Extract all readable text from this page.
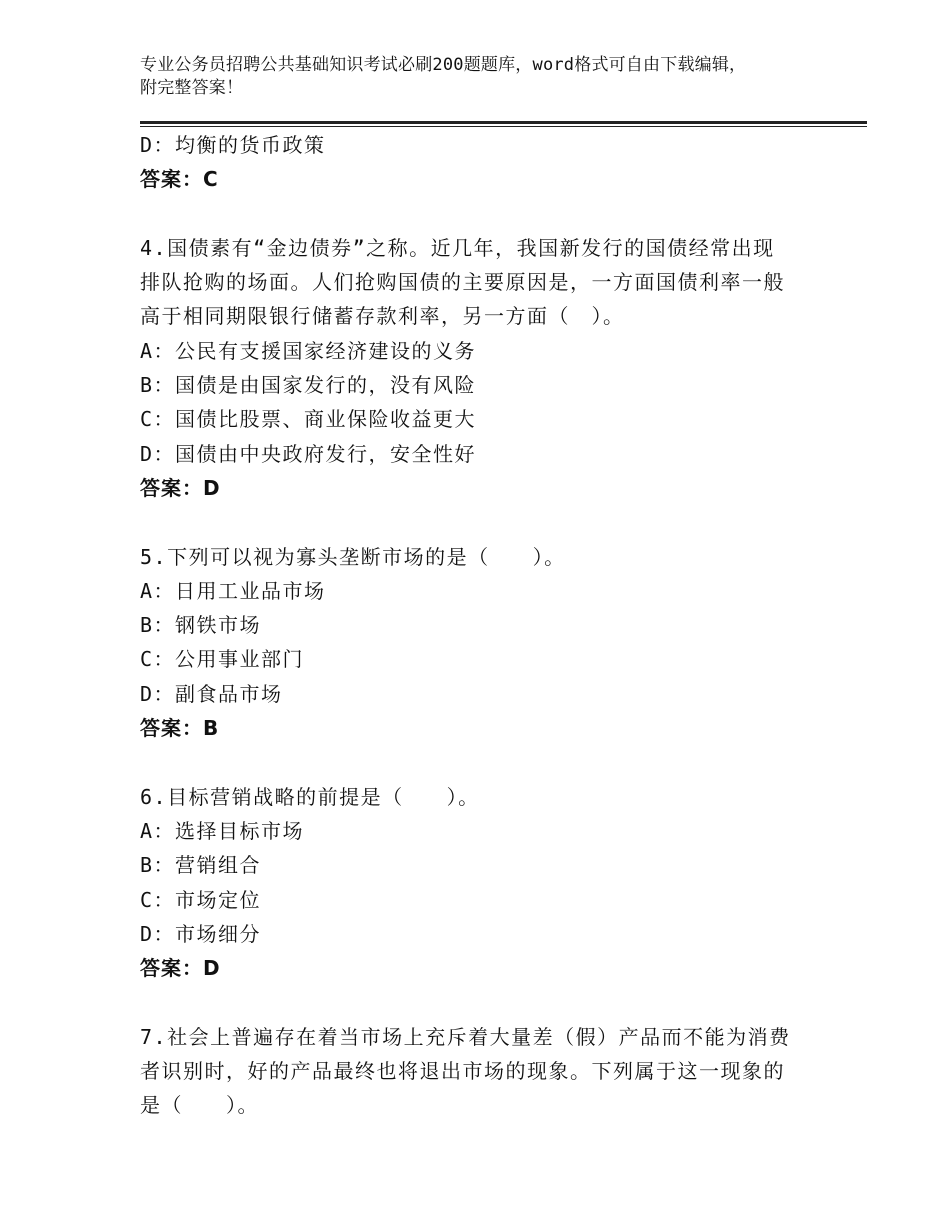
专业公务员招聘公共基础知识考试必刷200题题库，word格式可自由下载编辑，
附完整答案！
D：均衡的货币政策
答案：C
4.国债素有“金边债券”之称。近几年，我国新发行的国债经常出现
排队抢购的场面。人们抢购国债的主要原因是，一方面国债利率一般
高于相同期限银行储蓄存款利率，另一方面（　）。
A：公民有支援国家经济建设的义务
B：国债是由国家发行的，没有风险
C：国债比股票、商业保险收益更大
D：国债由中央政府发行，安全性好
答案：D
5.下列可以视为寡头垄断市场的是（　　）。
A：日用工业品市场
B：钢铁市场
C：公用事业部门
D：副食品市场
答案：B
6.目标营销战略的前提是（　　）。
A：选择目标市场
B：营销组合
C：市场定位
D：市场细分
答案：D
7.社会上普遍存在着当市场上充斥着大量差（假）产品而不能为消费
者识别时，好的产品最终也将退出市场的现象。下列属于这一现象的
是（　　）。
